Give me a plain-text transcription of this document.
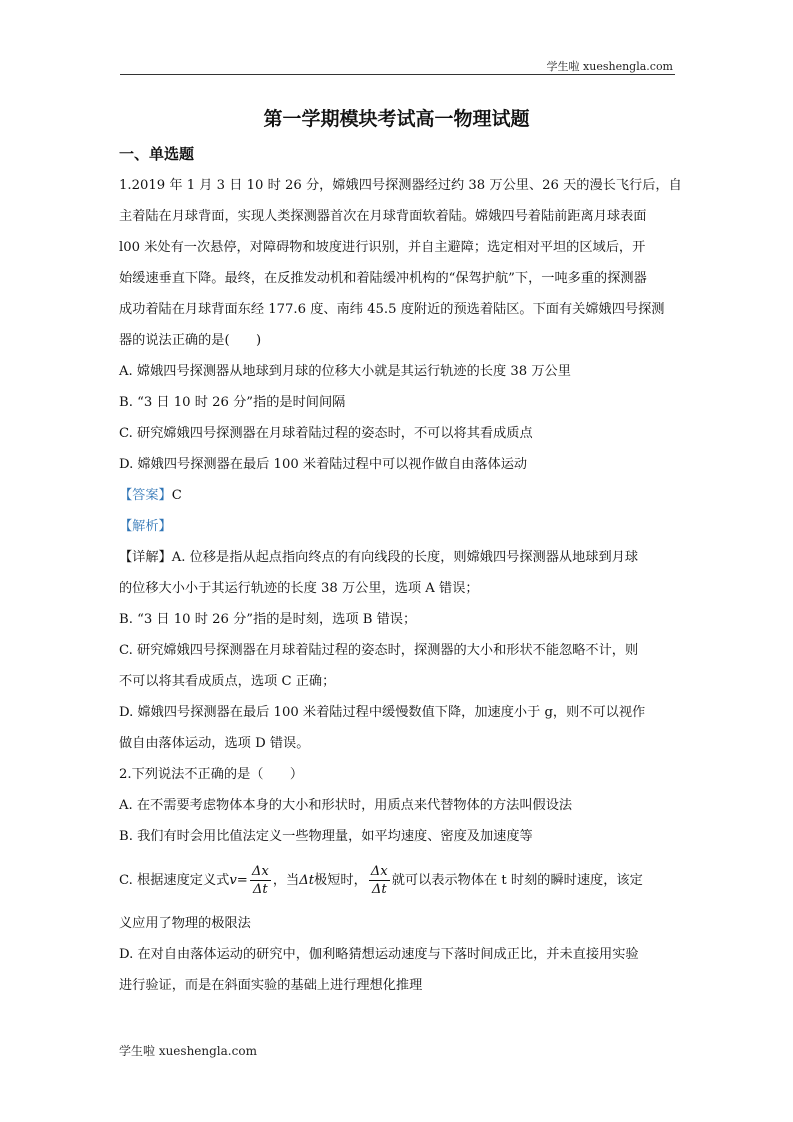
学生啦 xueshengla.com
第一学期模块考试高一物理试题
一、单选题
1.2019 年 1 月 3 日 10 时 26 分，嫦娥四号探测器经过约 38 万公里、26 天的漫长飞行后，自
主着陆在月球背面，实现人类探测器首次在月球背面软着陆。嫦娥四号着陆前距离月球表面
l00 米处有一次悬停，对障碍物和坡度进行识别，并自主避障；选定相对平坦的区域后，开
始缓速垂直下降。最终，在反推发动机和着陆缓冲机构的“保驾护航”下，一吨多重的探测器
成功着陆在月球背面东经 177.6 度、南纬 45.5 度附近的预选着陆区。下面有关嫦娥四号探测
器的说法正确的是(　　)
A. 嫦娥四号探测器从地球到月球的位移大小就是其运行轨迹的长度 38 万公里
B. “3 日 10 时 26 分”指的是时间间隔
C. 研究嫦娥四号探测器在月球着陆过程的姿态时，不可以将其看成质点
D. 嫦娥四号探测器在最后 100 米着陆过程中可以视作做自由落体运动
【答案】C
【解析】
【详解】A. 位移是指从起点指向终点的有向线段的长度，则嫦娥四号探测器从地球到月球
的位移大小小于其运行轨迹的长度 38 万公里，选项 A 错误；
B. “3 日 10 时 26 分”指的是时刻，选项 B 错误；
C. 研究嫦娥四号探测器在月球着陆过程的姿态时，探测器的大小和形状不能忽略不计，则
不可以将其看成质点，选项 C 正确；
D. 嫦娥四号探测器在最后 100 米着陆过程中缓慢数值下降，加速度小于 g，则不可以视作
做自由落体运动，选项 D 错误。
2.下列说法不正确的是（　　）
A. 在不需要考虑物体本身的大小和形状时，用质点来代替物体的方法叫假设法
B. 我们有时会用比值法定义一些物理量，如平均速度、密度及加速度等
C. 根据速度定义式 $v = \frac{\Delta x}{\Delta t}$ ，当 Δt 极短时， $\frac{\Delta x}{\Delta t}$ 就可以表示物体在 t 时刻的瞬时速度，该定
义应用了物理的极限法
D. 在对自由落体运动的研究中，伽利略猜想运动速度与下落时间成正比，并未直接用实验
进行验证，而是在斜面实验的基础上进行理想化推理
学生啦 xueshengla.com
